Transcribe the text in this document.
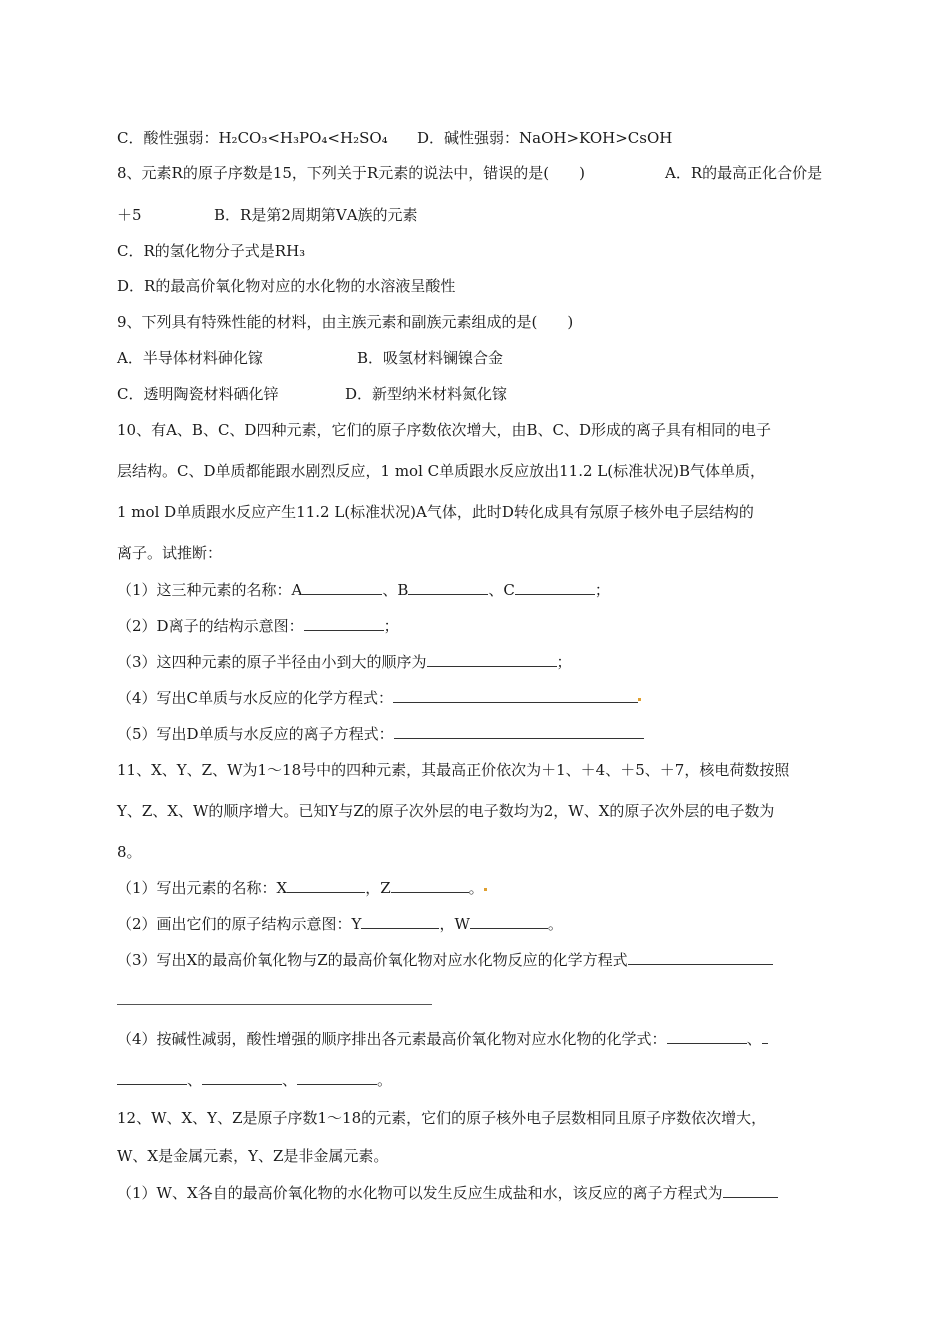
C．酸性强弱：H₂CO₃<H₃PO₄<H₂SO₄ D．碱性强弱：NaOH>KOH>CsOH
8、元素R的原子序数是15，下列关于R元素的说法中，错误的是(　　)	A．R的最高正化合价是
＋5	B．R是第2周期第ⅤA族的元素
C．R的氢化物分子式是RH₃
D．R的最高价氧化物对应的水化物的水溶液呈酸性
9、下列具有特殊性能的材料，由主族元素和副族元素组成的是(　　)
A．半导体材料砷化镓	B．吸氢材料镧镍合金
C．透明陶瓷材料硒化锌	D．新型纳米材料氮化镓
10、有A、B、C、D四种元素，它们的原子序数依次增大，由B、C、D形成的离子具有相同的电子
层结构。C、D单质都能跟水剧烈反应，1 mol C单质跟水反应放出11.2 L(标准状况)B气体单质，
1 mol D单质跟水反应产生11.2 L(标准状况)A气体，此时D转化成具有氖原子核外电子层结构的
离子。试推断：
（1）这三种元素的名称：A	、B	、C	；
（2）D离子的结构示意图：	；
（3）这四种元素的原子半径由小到大的顺序为	；
（4）写出C单质与水反应的化学方程式：
（5）写出D单质与水反应的离子方程式：
11、X、Y、Z、W为1～18号中的四种元素，其最高正价依次为＋1、＋4、＋5、＋7，核电荷数按照
Y、Z、X、W的顺序增大。已知Y与Z的原子次外层的电子数均为2，W、X的原子次外层的电子数为
8。
（1）写出元素的名称：X	，Z	。
（2）画出它们的原子结构示意图：Y	，W	。
（3）写出X的最高价氧化物与Z的最高价氧化物对应水化物反应的化学方程式
（4）按碱性减弱，酸性增强的顺序排出各元素最高价氧化物对应水化物的化学式：	、
、	、	。
12、W、X、Y、Z是原子序数1～18的元素，它们的原子核外电子层数相同且原子序数依次增大，
W、X是金属元素，Y、Z是非金属元素。
（1）W、X各自的最高价氧化物的水化物可以发生反应生成盐和水，该反应的离子方程式为
